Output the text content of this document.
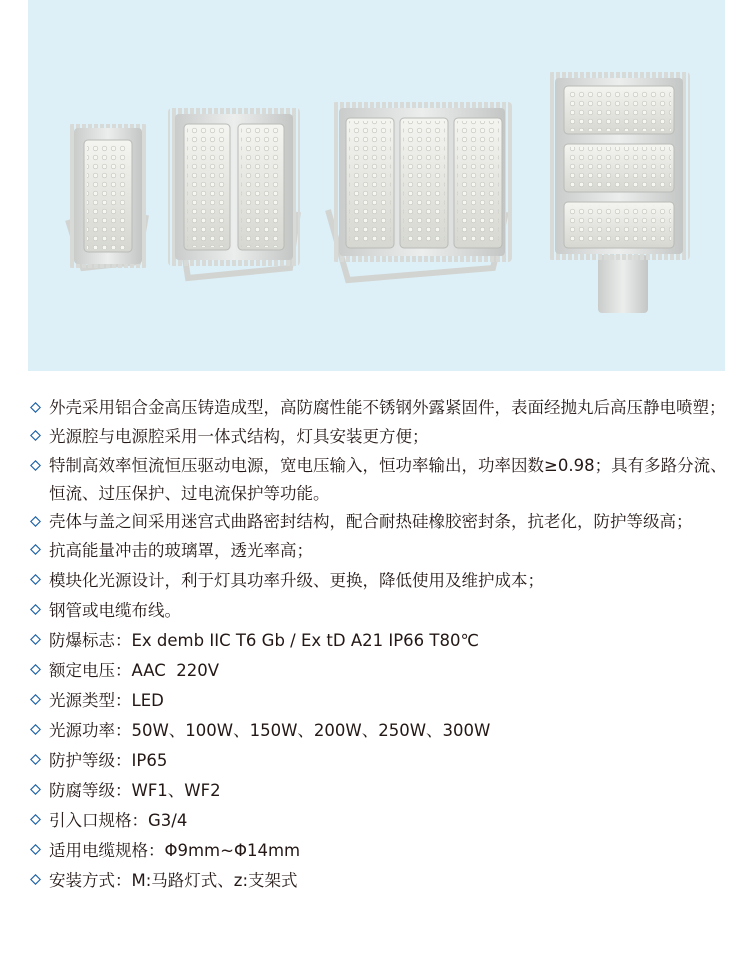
外壳采用铝合金高压铸造成型，高防腐性能不锈钢外露紧固件，表面经抛丸后高压静电喷塑；
光源腔与电源腔采用一体式结构，灯具安装更方便；
特制高效率恒流恒压驱动电源，宽电压输入，恒功率输出，功率因数≥0.98；具有多路分流、恒流、过压保护、过电流保护等功能。
壳体与盖之间采用迷宫式曲路密封结构，配合耐热硅橡胶密封条，抗老化，防护等级高；
抗高能量冲击的玻璃罩，透光率高；
模块化光源设计，利于灯具功率升级、更换，降低使用及维护成本；
钢管或电缆布线。
防爆标志：Ex demb IIC T6 Gb / Ex tD A21 IP66 T80℃
额定电压：AAC  220V
光源类型：LED
光源功率：50W、100W、150W、200W、250W、300W
防护等级：IP65
防腐等级：WF1、WF2
引入口规格：G3/4
适用电缆规格：Φ9mm~Φ14mm
安装方式：M:马路灯式、z:支架式
